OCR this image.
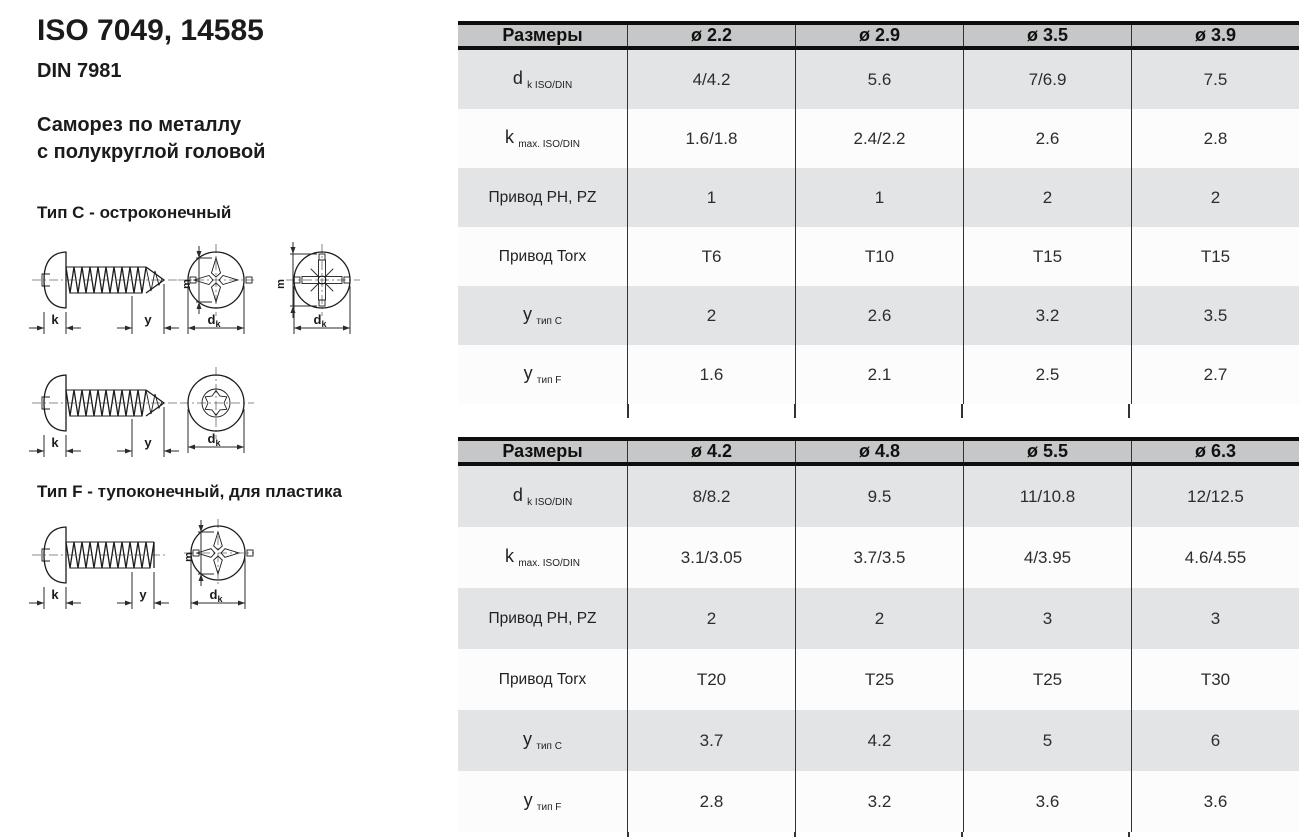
ISO 7049, 14585
DIN 7981

Саморез по металлу
с полукруглой головой

Тип C - остроконечный
Тип F - тупоконечный, для пластика
k	y
m
$d_k$
m
$d_k$
k	y	$d_k$
k	y
m
$d_k$
Размеры	ø 2.2	ø 2.9	ø 3.5	ø 3.9
d $_{k ISO/DIN}$	4/4.2	5.6	7/6.9	7.5
k $_{max. ISO/DIN}$	1.6/1.8	2.4/2.2	2.6	2.8
Привод PH, PZ	1	1	2	2
Привод Torx	T6	T10	T15	T15
у $_{тип C}$	2	2.6	3.2	3.5
у $_{тип F}$	1.6	2.1	2.5	2.7
Размеры	ø 4.2	ø 4.8	ø 5.5	ø 6.3
d $_{k ISO/DIN}$	8/8.2	9.5	11/10.8	12/12.5
k $_{max. ISO/DIN}$	3.1/3.05	3.7/3.5	4/3.95	4.6/4.55
Привод PH, PZ	2	2	3	3
Привод Torx	T20	T25	T25	T30
у $_{тип C}$	3.7	4.2	5	6
у $_{тип F}$	2.8	3.2	3.6	3.6
